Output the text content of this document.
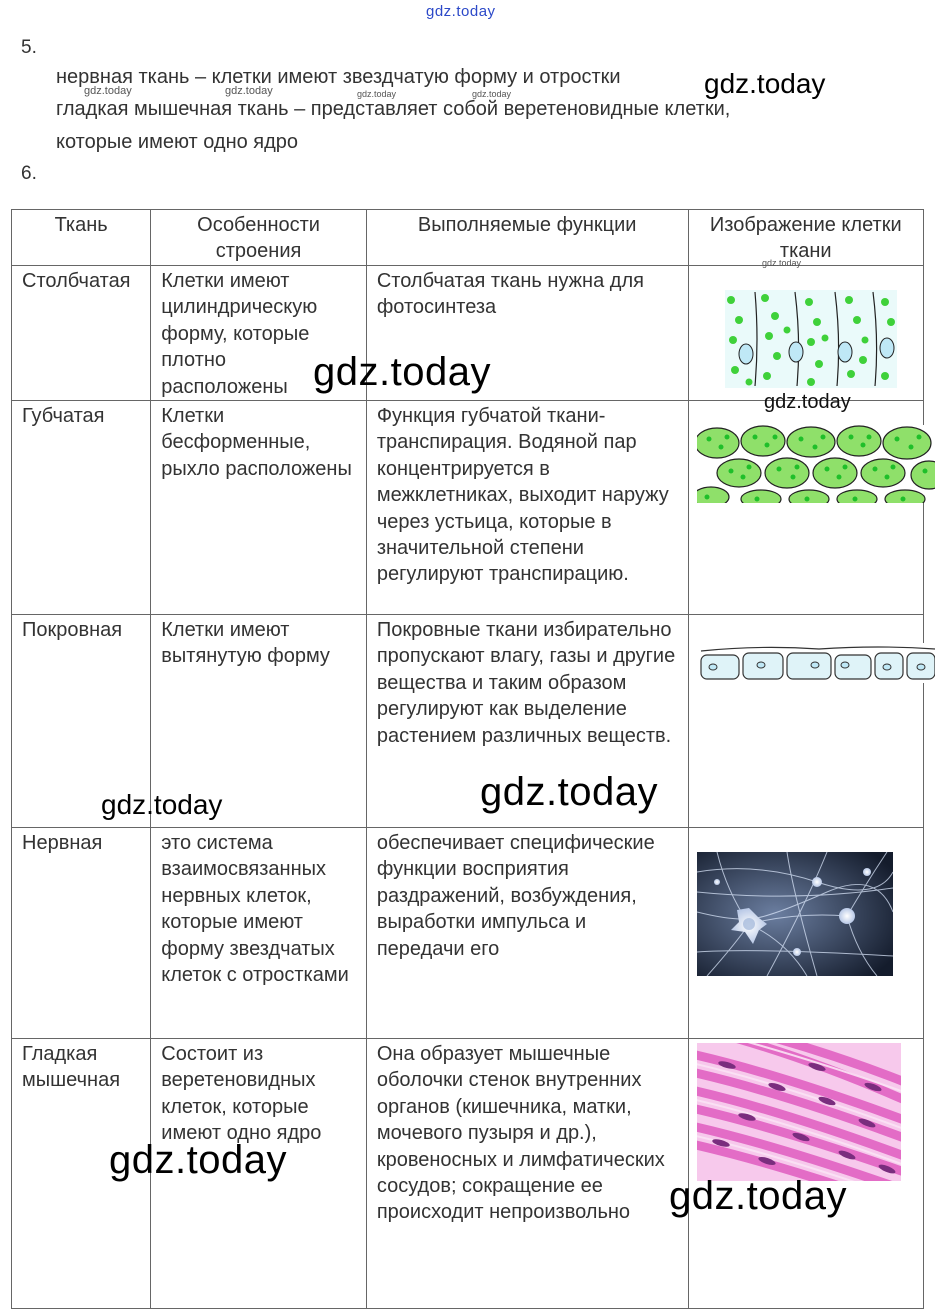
gdz.today
5.
нервная ткань – клетки имеют звездчатую форму и отростки
гладкая мышечная ткань – представляет собой веретеновидные клетки,
которые имеют одно ядро
6.
Ткань	Особенности строения	Выполняемые функции	Изображение клетки ткани
Столбчатая	Клетки имеют цилиндрическую форму, которые плотно расположены	Столбчатая ткань нужна для фотосинтеза	

Губчатая	Клетки бесформенные, рыхло расположены	Функция губчатой ткани-транспирация. Водяной пар концентрируется в межклетниках, выходит наружу через устьица, которые в значительной степени регулируют транспирацию.	

Покровная	Клетки имеют вытянутую форму	Покровные ткани избирательно пропускают влагу, газы и другие вещества и таким образом регулируют как выделение растением различных веществ.	

Нервная	это система взаимосвязанных нервных клеток, которые имеют форму звездчатых клеток с отростками	обеспечивает специфические функции восприятия раздражений, возбуждения, выработки импульса и передачи его	

Гладкая мышечная	Состоит из веретеновидных клеток, которые имеют одно ядро	Она образует мышечные оболочки стенок внутренних органов (кишечника, матки, мочевого пузыря и др.), кровеносных и лимфатических сосудов; сокращение ее происходит непроизвольно	
gdz.today
gdz.today	gdz.today	gdz.today	gdz.today
gdz.today
gdz.today
gdz.today
gdz.today
gdz.today
gdz.today
gdz.today
